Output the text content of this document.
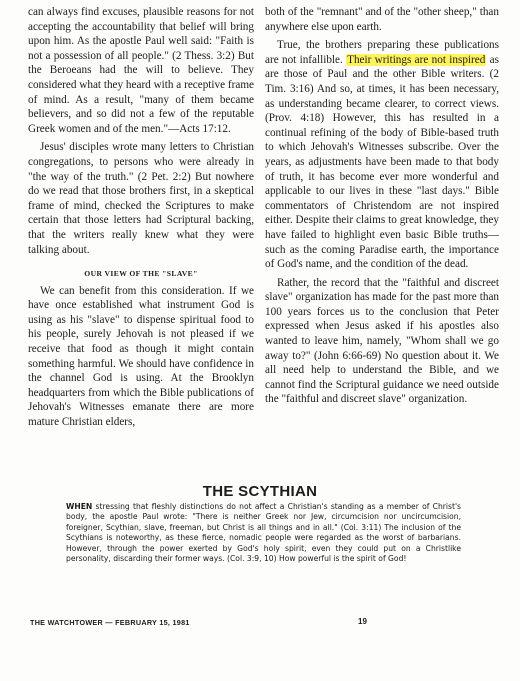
can always find excuses, plausible reasons for not accepting the accountability that belief will bring upon him. As the apostle Paul well said: "Faith is not a possession of all people." (2 Thess. 3:2) But the Beroeans had the will to believe. They considered what they heard with a receptive frame of mind. As a result, "many of them became believers, and so did not a few of the reputable Greek women and of the men."—Acts 17:12.

Jesus' disciples wrote many letters to Christian congregations, to persons who were already in "the way of the truth." (2 Pet. 2:2) But nowhere do we read that those brothers first, in a skeptical frame of mind, checked the Scriptures to make certain that those letters had Scriptural backing, that the writers really knew what they were talking about.

OUR VIEW OF THE "SLAVE"

We can benefit from this consideration. If we have once established what instrument God is using as his "slave" to dispense spiritual food to his people, surely Jehovah is not pleased if we receive that food as though it might contain something harmful. We should have confidence in the channel God is using. At the Brooklyn headquarters from which the Bible publications of Jehovah's Witnesses emanate there are more mature Christian elders,

both of the "remnant" and of the "other sheep," than anywhere else upon earth.

True, the brothers preparing these publications are not infallible. Their writings are not inspired as are those of Paul and the other Bible writers. (2 Tim. 3:16) And so, at times, it has been necessary, as understanding became clearer, to correct views. (Prov. 4:18) However, this has resulted in a continual refining of the body of Bible-based truth to which Jehovah's Witnesses subscribe. Over the years, as adjustments have been made to that body of truth, it has become ever more wonderful and applicable to our lives in these "last days." Bible commentators of Christendom are not inspired either. Despite their claims to great knowledge, they have failed to highlight even basic Bible truths—such as the coming Paradise earth, the importance of God's name, and the condition of the dead.

Rather, the record that the "faithful and discreet slave" organization has made for the past more than 100 years forces us to the conclusion that Peter expressed when Jesus asked if his apostles also wanted to leave him, namely, "Whom shall we go away to?" (John 6:66-69) No question about it. We all need help to understand the Bible, and we cannot find the Scriptural guidance we need outside the "faithful and discreet slave" organization.

THE SCYTHIAN
WHEN stressing that fleshly distinctions do not affect a Christian's standing as a member of Christ's body, the apostle Paul wrote: "There is neither Greek nor Jew, circumcision nor uncircumcision, foreigner, Scythian, slave, freeman, but Christ is all things and in all." (Col. 3:11) The inclusion of the Scythians is noteworthy, as these fierce, nomadic people were regarded as the worst of barbarians. However, through the power exerted by God's holy spirit, even they could put on a Christlike personality, discarding their former ways. (Col. 3:9, 10) How powerful is the spirit of God!
THE WATCHTOWER — FEBRUARY 15, 1981	19
